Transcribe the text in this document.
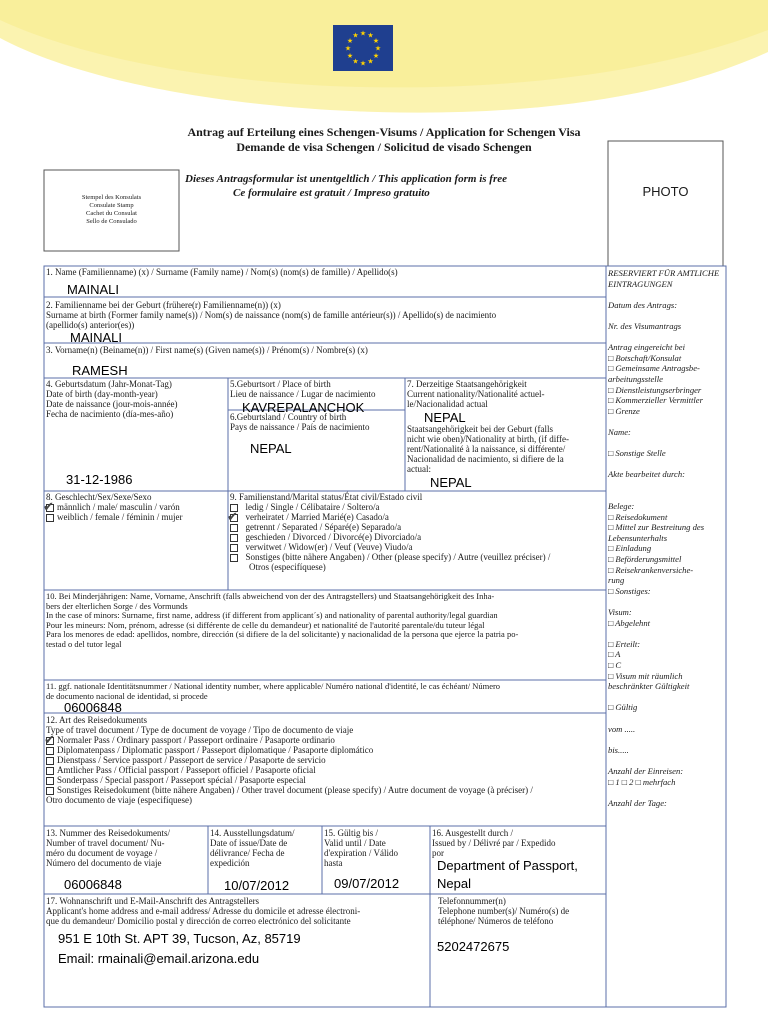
★ ★
★
★
★
★
★
★
★
★
★
★
Antrag auf Erteilung eines Schengen-Visums / Application for Schengen Visa
Demande de visa Schengen / Solicitud de visado Schengen
Dieses Antragsformular ist unentgeltlich / This application form is free
Ce formulaire est gratuit / Impreso gratuito
Stempel des Konsulats
Consulate Stamp
Cachet du Consulat
Sello de Consulado
PHOTO
1. Name (Familienname) (x) / Surname (Family name) / Nom(s) (nom(s) de famille) / Apellido(s)
MAINALI
2. Familienname bei der Geburt (frühere(r) Familienname(n)) (x)
Surname at birth (Former family name(s)) / Nom(s) de naissance (nom(s) de famille antérieur(s)) / Apellido(s) de nacimiento
(apellido(s) anterior(es))
MAINALI
3. Vorname(n) (Beiname(n)) / First name(s) (Given name(s)) / Prénom(s) / Nombre(s) (x)
RAMESH
4. Geburtsdatum (Jahr-Monat-Tag)
Date of birth (day-month-year)
Date de naissance (jour-mois-année)
Fecha de nacimiento (día-mes-año)
31-12-1986
5.Geburtsort / Place of birth
Lieu de naissance / Lugar de nacimiento
KAVREPALANCHOK
6.Geburtsland / Country of birth
Pays de naissance / País de nacimiento
NEPAL
7. Derzeitige Staatsangehörigkeit
Current nationality/Nationalité actuel-
le/Nacionalidad actual
NEPAL
Staatsangehörigkeit bei der Geburt (falls
nicht wie oben)/Nationality at birth, (if diffe-
rent/Nationalité à la naissance, si différente/
Nacionalidad de nacimiento, si difiere de la
actual:
NEPAL
8. Geschlecht/Sex/Sexe/Sexo
männlich / male/ masculin / varón
weiblich / female / féminin / mujer
✔
9. Familienstand/Marital status/État civil/Estado civil
ledig / Single / Célibataire / Soltero/a
verheiratet / Married Marié(e) Casado/a
getrennt / Separated / Séparé(e) Separado/a
geschieden / Divorced / Divorcé(e) Divorciado/a
verwitwet / Widow(er) / Veuf (Veuve) Viudo/a
Sonstiges (bitte nähere Angaben) / Other (please specify) / Autre (veuillez préciser) /
Otros (especifíquese)
✔
10. Bei Minderjährigen: Name, Vorname, Anschrift (falls abweichend von der des Antragstellers) und Staatsangehörigkeit des Inha-
bers der elterlichen Sorge / des Vormunds
In the case of minors: Surname, first name, address (if different from applicant´s) and nationality of parental authority/legal guardian
Pour les mineurs: Nom, prénom, adresse (si différente de celle du demandeur) et nationalité de l'autorité parentale/du tuteur légal
Para los menores de edad: apellidos, nombre, dirección (si difiere de la del solicitante) y nacionalidad de la persona que ejerce la patria po-
testad o del tutor legal
11. ggf. nationale Identitätsnummer / National identity number, where applicable/ Numéro national d'identité, le cas échéant/ Número
de documento nacional de identidad, si procede
06006848
12. Art des Reisedokuments
Type of travel document / Type de document de voyage / Tipo de documento de viaje
Normaler Pass / Ordinary passport / Passeport ordinaire / Pasaporte ordinario
Diplomatenpass / Diplomatic passport / Passeport diplomatique / Pasaporte diplomático
Dienstpass / Service passport / Passeport de service / Pasaporte de servicio
Amtlicher Pass / Official passport / Passeport officiel / Pasaporte oficial
Sonderpass / Special passport / Passeport spécial / Pasaporte especial
Sonstiges Reisedokument (bitte nähere Angaben) / Other travel document (please specify) / Autre document de voyage (à préciser) /
Otro documento de viaje (especifíquese)
✔
13. Nummer des Reisedokuments/
Number of travel document/ Nu-
méro du document de voyage /
Número del documento de viaje
06006848
14. Ausstellungsdatum/
Date of issue/Date de
délivrance/ Fecha de
expedición
10/07/2012
15. Gültig bis /
Valid until / Date
d'expiration / Válido
hasta
09/07/2012
16. Ausgestellt durch /
Issued by / Délivré par / Expedido
por
Department of Passport,
Nepal
17. Wohnanschrift und E-Mail-Anschrift des Antragstellers
Applicant's home address and e-mail address/ Adresse du domicile et adresse électroni-
que du demandeur/ Domicilio postal y dirección de correo electrónico del solicitante
951 E 10th St. APT 39, Tucson, Az, 85719
Email: rmainali@email.arizona.edu
Telefonnummer(n)
Telephone number(s)/ Numéro(s) de
téléphone/ Números de teléfono
5202472675
RESERVIERT FÜR AMTLICHE
EINTRAGUNGEN

Datum des Antrags:

Nr. des Visumantrags

Antrag eingereicht bei
□ Botschaft/Konsulat
□ Gemeinsame Antragsbe-
arbeitungsstelle
□ Dienstleistungserbringer
□ Kommerzieller Vermittler
□ Grenze

Name:

□ Sonstige Stelle

Akte bearbeitet durch:

Belege:
□ Reisedokument
□ Mittel zur Bestreitung des
Lebensunterhalts
□ Einladung
□ Beförderungsmittel
□ Reisekrankenversiche-
rung
□ Sonstiges:

Visum:
□ Abgelehnt

□ Erteilt:
□ A
□ C
□ Visum mit räumlich
beschränkter Gültigkeit

□ Gültig

vom .....

bis.....

Anzahl der Einreisen:
□ 1 □ 2 □ mehrfach

Anzahl der Tage:
